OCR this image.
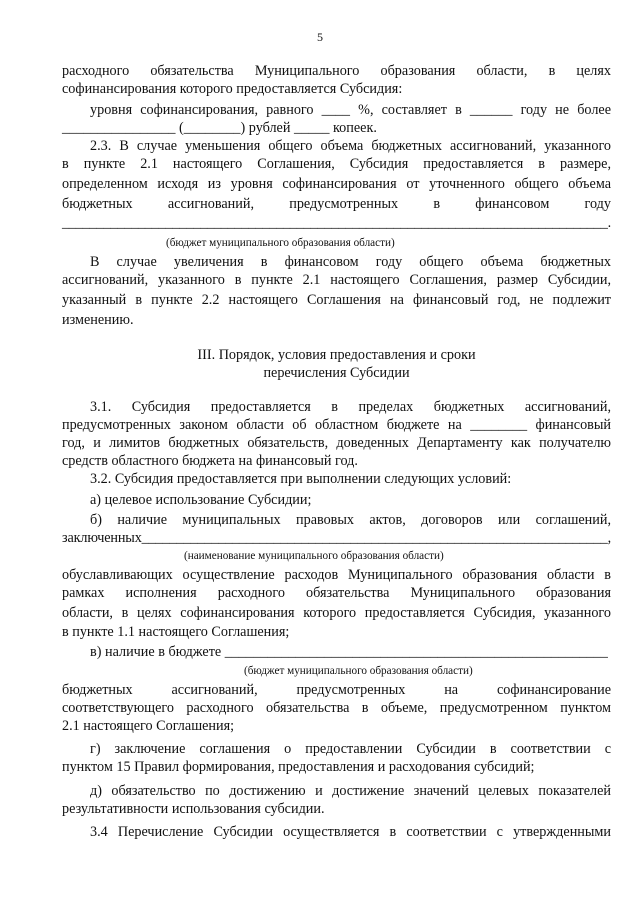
5
расходного обязательства Муниципального образования области, в целях
софинансирования которого предоставляется Субсидия:
уровня софинансирования, равного ____ %, составляет в ______ году не более
________________ (________) рублей _____ копеек.
2.3. В случае уменьшения общего объема бюджетных ассигнований, указанного
в пункте 2.1 настоящего Соглашения, Субсидия предоставляется в размере,
определенном исходя из уровня софинансирования от уточненного общего объема
бюджетных ассигнований, предусмотренных в финансовом году
_______________________________________________________________________________.
(бюджет муниципального образования области)
В случае увеличения в финансовом году общего объема бюджетных
ассигнований, указанного в пункте 2.1 настоящего Соглашения, размер Субсидии,
указанный в пункте 2.2 настоящего Соглашения на финансовый год, не подлежит
изменению.
III. Порядок, условия предоставления и сроки
перечисления Субсидии
3.1. Субсидия предоставляется в пределах бюджетных ассигнований,
предусмотренных законом области об областном бюджете на ________ финансовый
год, и лимитов бюджетных обязательств, доведенных Департаменту как получателю
средств областного бюджета на финансовый год.
3.2. Субсидия предоставляется при выполнении следующих условий:
а) целевое использование Субсидии;
б) наличие муниципальных правовых актов, договоров или соглашений,
заключенных___________________________________________________________________,
(наименование муниципального образования области)
обуславливающих осуществление расходов Муниципального образования области в
рамках исполнения расходного обязательства Муниципального образования
области, в целях софинансирования которого предоставляется Субсидия, указанного
в пункте 1.1 настоящего Соглашения;
в) наличие в бюджете ______________________________________________________
(бюджет муниципального образования области)
бюджетных ассигнований, предусмотренных на софинансирование
соответствующего расходного обязательства в объеме, предусмотренном пунктом
2.1 настоящего Соглашения;
г) заключение соглашения о предоставлении Субсидии в соответствии с
пунктом 15 Правил формирования, предоставления и расходования субсидий;
д) обязательство по достижению и достижение значений целевых показателей
результативности использования субсидии.
3.4 Перечисление Субсидии осуществляется в соответствии с утвержденными
